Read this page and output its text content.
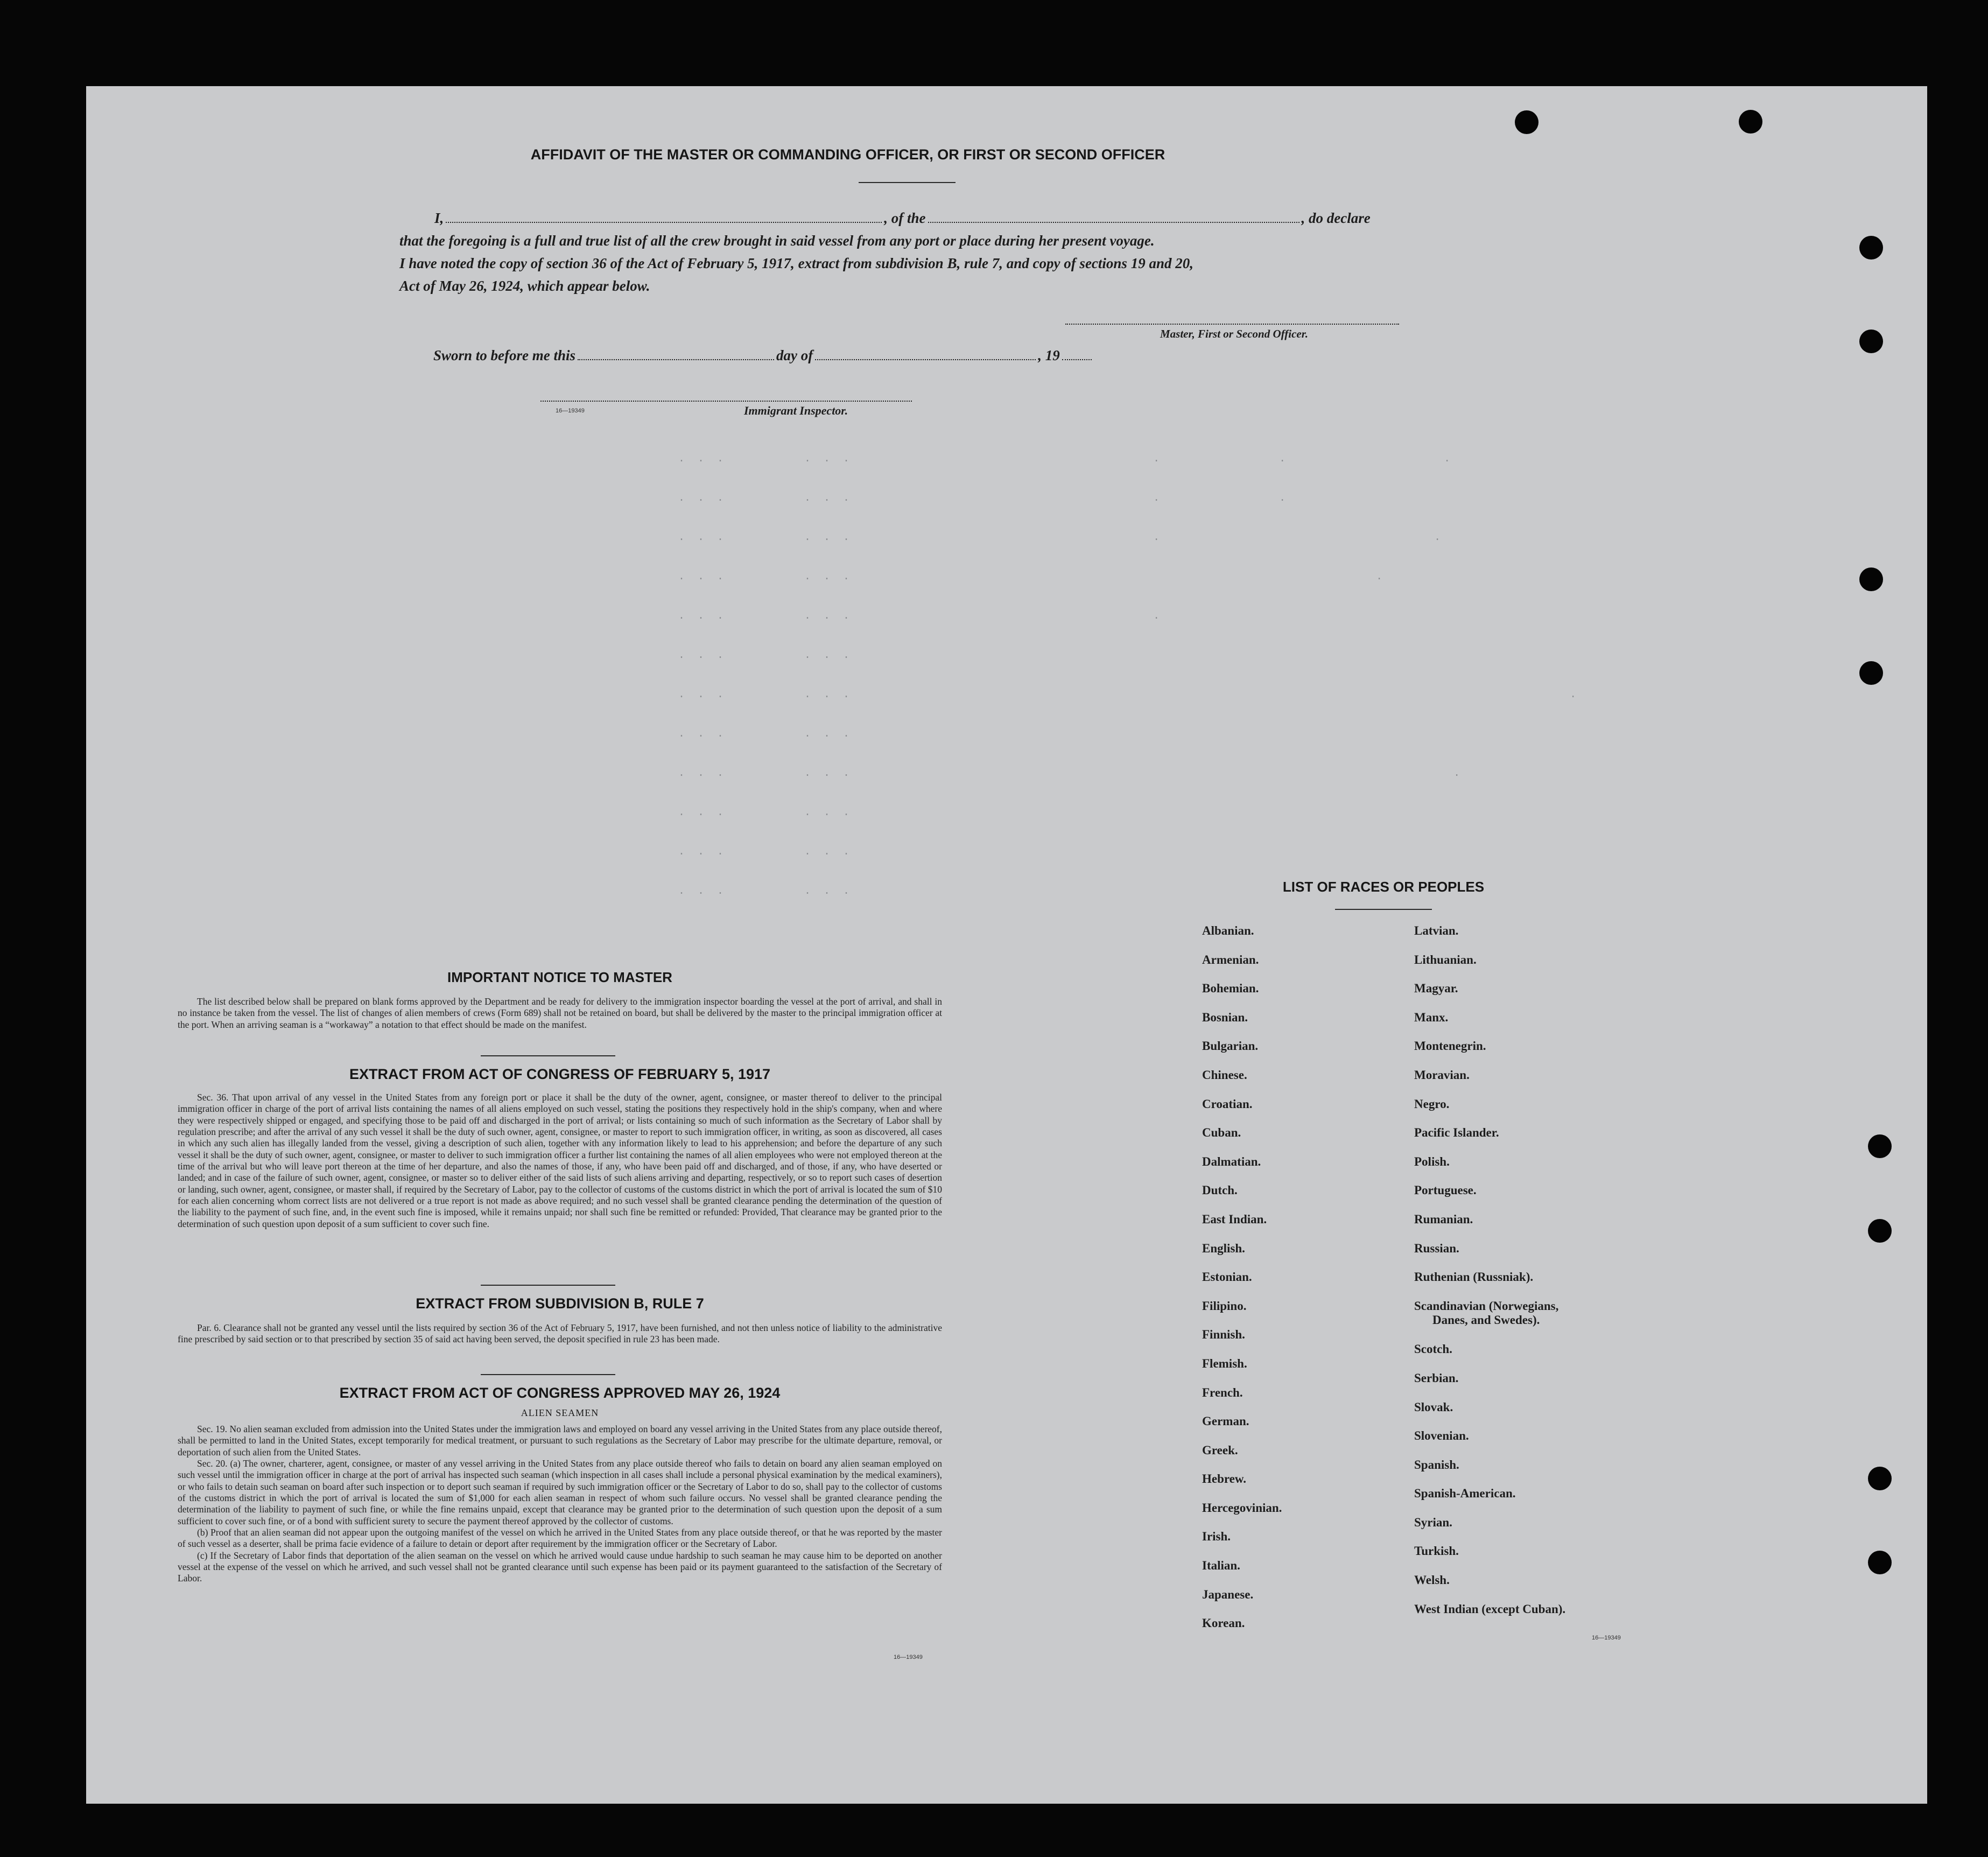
· · ·        · · ·                               ·            ·                ·
· · ·        · · ·                               ·            ·
· · ·        · · ·                               ·                            ·
· · ·        · · ·                                                      ·
· · ·        · · ·                               ·
· · ·        · · ·
· · ·        · · ·                                                                          ·
· · ·        · · ·
· · ·        · · ·                                                              ·
· · ·        · · ·
· · ·        · · ·
· · ·        · · ·
AFFIDAVIT OF THE MASTER OR COMMANDING OFFICER, OR FIRST OR SECOND OFFICER
I,	, of the	, do declare
that the foregoing is a full and true list of all the crew brought in said vessel from any port or place during her present voyage.
I have noted the copy of section 36 of the Act of February 5, 1917, extract from subdivision B, rule 7, and copy of sections 19 and 20,
Act of May 26, 1924, which appear below.
Master, First or Second Officer.
Sworn to before me this	day of	, 19
16—19349	Immigrant Inspector.
IMPORTANT NOTICE TO MASTER

The list described below shall be prepared on blank forms approved by the Department and be ready for delivery to the immigration inspector boarding the vessel at the port of arrival, and shall in no instance be taken from the vessel. The list of changes of alien members of crews (Form 689) shall not be retained on board, but shall be delivered by the master to the principal immigration officer at the port. When an arriving seaman is a “workaway” a notation to that effect should be made on the manifest.

EXTRACT FROM ACT OF CONGRESS OF FEBRUARY 5, 1917

Sec. 36. That upon arrival of any vessel in the United States from any foreign port or place it shall be the duty of the owner, agent, consignee, or master thereof to deliver to the principal immigration officer in charge of the port of arrival lists containing the names of all aliens employed on such vessel, stating the positions they respectively hold in the ship's company, when and where they were respectively shipped or engaged, and specifying those to be paid off and discharged in the port of arrival; or lists containing so much of such information as the Secretary of Labor shall by regulation prescribe; and after the arrival of any such vessel it shall be the duty of such owner, agent, consignee, or master to report to such immigration officer, in writing, as soon as discovered, all cases in which any such alien has illegally landed from the vessel, giving a description of such alien, together with any information likely to lead to his apprehension; and before the departure of any such vessel it shall be the duty of such owner, agent, consignee, or master to deliver to such immigration officer a further list containing the names of all alien employees who were not employed thereon at the time of the arrival but who will leave port thereon at the time of her departure, and also the names of those, if any, who have been paid off and discharged, and of those, if any, who have deserted or landed; and in case of the failure of such owner, agent, consignee, or master so to deliver either of the said lists of such aliens arriving and departing, respectively, or so to report such cases of desertion or landing, such owner, agent, consignee, or master shall, if required by the Secretary of Labor, pay to the collector of customs of the customs district in which the port of arrival is located the sum of $10 for each alien concerning whom correct lists are not delivered or a true report is not made as above required; and no such vessel shall be granted clearance pending the determination of the question of the liability to the payment of such fine, and, in the event such fine is imposed, while it remains unpaid; nor shall such fine be remitted or refunded: Provided, That clearance may be granted prior to the determination of such question upon deposit of a sum sufficient to cover such fine.

EXTRACT FROM SUBDIVISION B, RULE 7

Par. 6. Clearance shall not be granted any vessel until the lists required by section 36 of the Act of February 5, 1917, have been furnished, and not then unless notice of liability to the administrative fine prescribed by said section or to that prescribed by section 35 of said act having been served, the deposit specified in rule 23 has been made.

EXTRACT FROM ACT OF CONGRESS APPROVED MAY 26, 1924
ALIEN SEAMEN

Sec. 19. No alien seaman excluded from admission into the United States under the immigration laws and employed on board any vessel arriving in the United States from any place outside thereof, shall be permitted to land in the United States, except temporarily for medical treatment, or pursuant to such regulations as the Secretary of Labor may prescribe for the ultimate departure, removal, or deportation of such alien from the United States.

Sec. 20. (a) The owner, charterer, agent, consignee, or master of any vessel arriving in the United States from any place outside thereof who fails to detain on board any alien seaman employed on such vessel until the immigration officer in charge at the port of arrival has inspected such seaman (which inspection in all cases shall include a personal physical examination by the medical examiners), or who fails to detain such seaman on board after such inspection or to deport such seaman if required by such immigration officer or the Secretary of Labor to do so, shall pay to the collector of customs of the customs district in which the port of arrival is located the sum of $1,000 for each alien seaman in respect of whom such failure occurs. No vessel shall be granted clearance pending the determination of the liability to payment of such fine, or while the fine remains unpaid, except that clearance may be granted prior to the determination of such question upon the deposit of a sum sufficient to cover such fine, or of a bond with sufficient surety to secure the payment thereof approved by the collector of customs.

(b) Proof that an alien seaman did not appear upon the outgoing manifest of the vessel on which he arrived in the United States from any place outside thereof, or that he was reported by the master of such vessel as a deserter, shall be prima facie evidence of a failure to detain or deport after requirement by the immigration officer or the Secretary of Labor.

(c) If the Secretary of Labor finds that deportation of the alien seaman on the vessel on which he arrived would cause undue hardship to such seaman he may cause him to be deported on another vessel at the expense of the vessel on which he arrived, and such vessel shall not be granted clearance until such expense has been paid or its payment guaranteed to the satisfaction of the Secretary of Labor.

16—19349
LIST OF RACES OR PEOPLES
Albanian.
Armenian.
Bohemian.
Bosnian.
Bulgarian.
Chinese.
Croatian.
Cuban.
Dalmatian.
Dutch.
East Indian.
English.
Estonian.
Filipino.
Finnish.
Flemish.
French.
German.
Greek.
Hebrew.
Hercegovinian.
Irish.
Italian.
Japanese.
Korean.
Latvian.
Lithuanian.
Magyar.
Manx.
Montenegrin.
Moravian.
Negro.
Pacific Islander.
Polish.
Portuguese.
Rumanian.
Russian.
Ruthenian (Russniak).
Scandinavian (Norwegians,
Danes, and Swedes).
Scotch.
Serbian.
Slovak.
Slovenian.
Spanish.
Spanish-American.
Syrian.
Turkish.
Welsh.
West Indian (except Cuban).
16—19349
